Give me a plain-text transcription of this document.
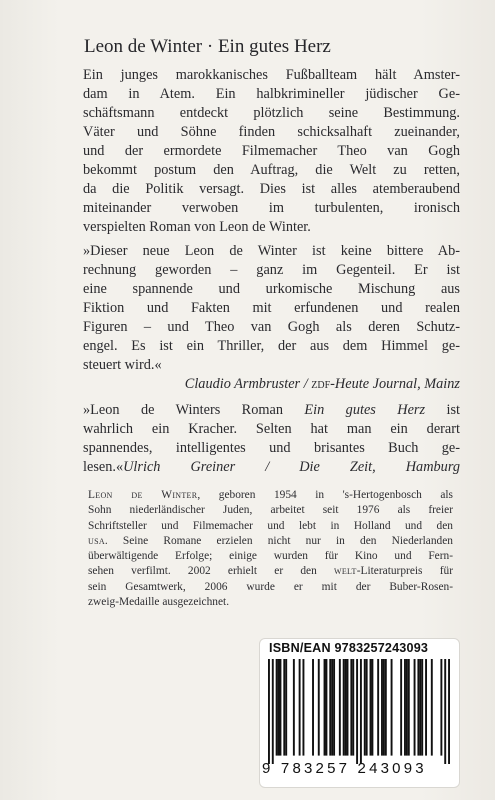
Leon de Winter · Ein gutes Herz
Ein junges marokkanisches Fußballteam hält Amster-
dam in Atem. Ein halbkrimineller jüdischer Ge-
schäftsmann entdeckt plötzlich seine Bestimmung.
Väter und Söhne finden schicksalhaft zueinander,
und der ermordete Filmemacher Theo van Gogh
bekommt postum den Auftrag, die Welt zu retten,
da die Politik versagt. Dies ist alles atemberaubend
miteinander verwoben im turbulenten, ironisch
verspielten Roman von Leon de Winter.
»Dieser neue Leon de Winter ist keine bittere Ab-
rechnung geworden – ganz im Gegenteil. Er ist
eine spannende und urkomische Mischung aus
Fiktion und Fakten mit erfundenen und realen
Figuren – und Theo van Gogh als deren Schutz-
engel. Es ist ein Thriller, der aus dem Himmel ge-
steuert wird.«
Claudio Armbruster / zdf-Heute Journal, Mainz
»Leon de Winters Roman Ein gutes Herz ist
wahrlich ein Kracher. Selten hat man ein derart
spannendes, intelligentes und brisantes Buch ge-
lesen.«Ulrich Greiner / Die Zeit, Hamburg
Leon de Winter, geboren 1954 in 's-Hertogenbosch als
Sohn niederländischer Juden, arbeitet seit 1976 als freier
Schriftsteller und Filmemacher und lebt in Holland und den
usa. Seine Romane erzielen nicht nur in den Niederlanden
überwältigende Erfolge; einige wurden für Kino und Fern-
sehen verfilmt. 2002 erhielt er den welt-Literaturpreis für
sein Gesamtwerk, 2006 wurde er mit der Buber-Rosen-
zweig-Medaille ausgezeichnet.
ISBN/EAN 9783257243093
9 783257 243093
